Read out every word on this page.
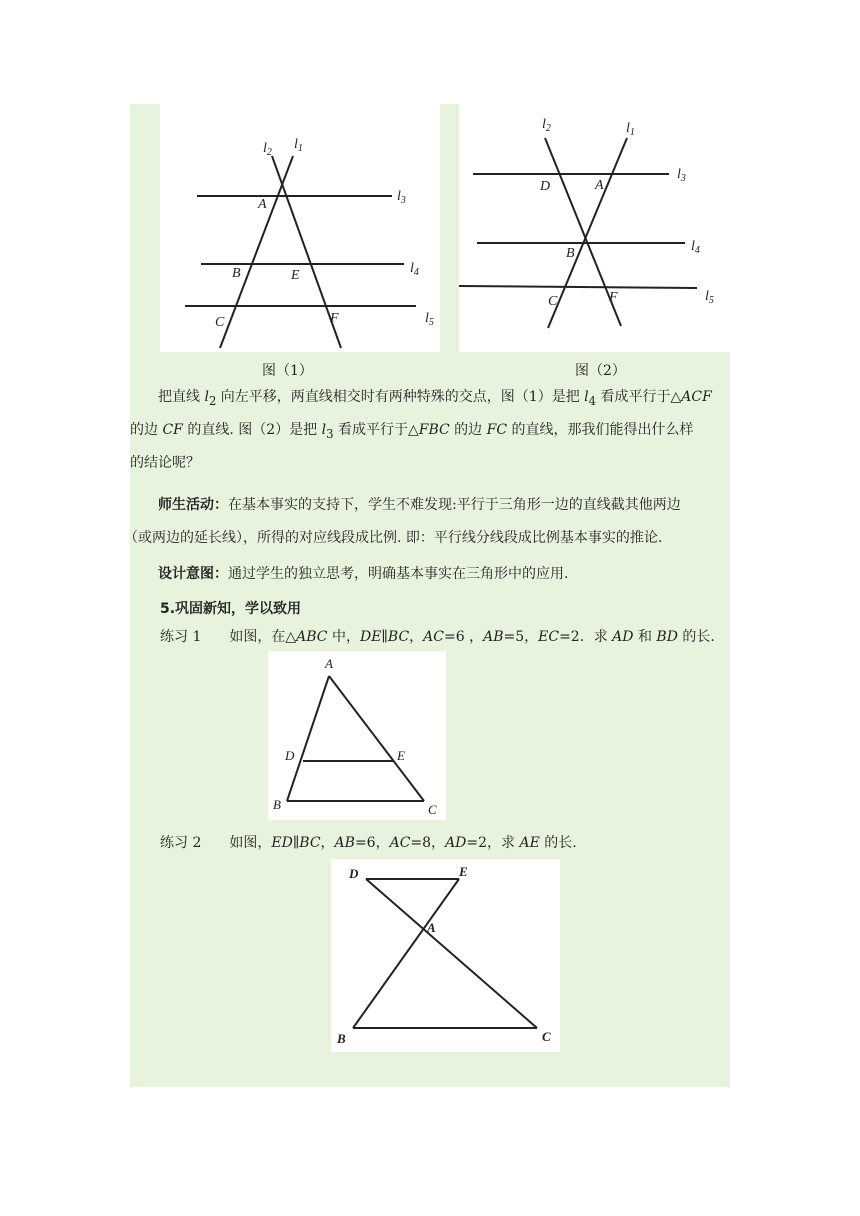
$l_2$
$l_1$
$l_3$
$l_4$
$l_5$
A
B	E
C	F
图（1）
$l_2$	$l_1$
$l_3$
$l_4$
$l_5$
D	A
B
C	F
图（2）
把直线 $l_2$ 向左平移，两直线相交时有两种特殊的交点，图（1）是把 $l_4$ 看成平行于△ACF
的边 CF 的直线. 图（2）是把 $l_3$ 看成平行于△FBC 的边 FC 的直线，那我们能得出什么样
的结论呢？
师生活动：在基本事实的支持下，学生不难发现:平行于三角形一边的直线截其他两边
（或两边的延长线），所得的对应线段成比例. 即：平行线分线段成比例基本事实的推论.
设计意图：通过学生的独立思考，明确基本事实在三角形中的应用.
5.巩固新知，学以致用
练习 1 如图，在△ABC 中，DE∥BC，AC=6 ，AB=5，EC=2．求 AD 和 BD 的长.
A
D	E
B	C
练习 2 如图，ED∥BC，AB=6，AC=8，AD=2，求 AE 的长.
D	E
A
B	C
